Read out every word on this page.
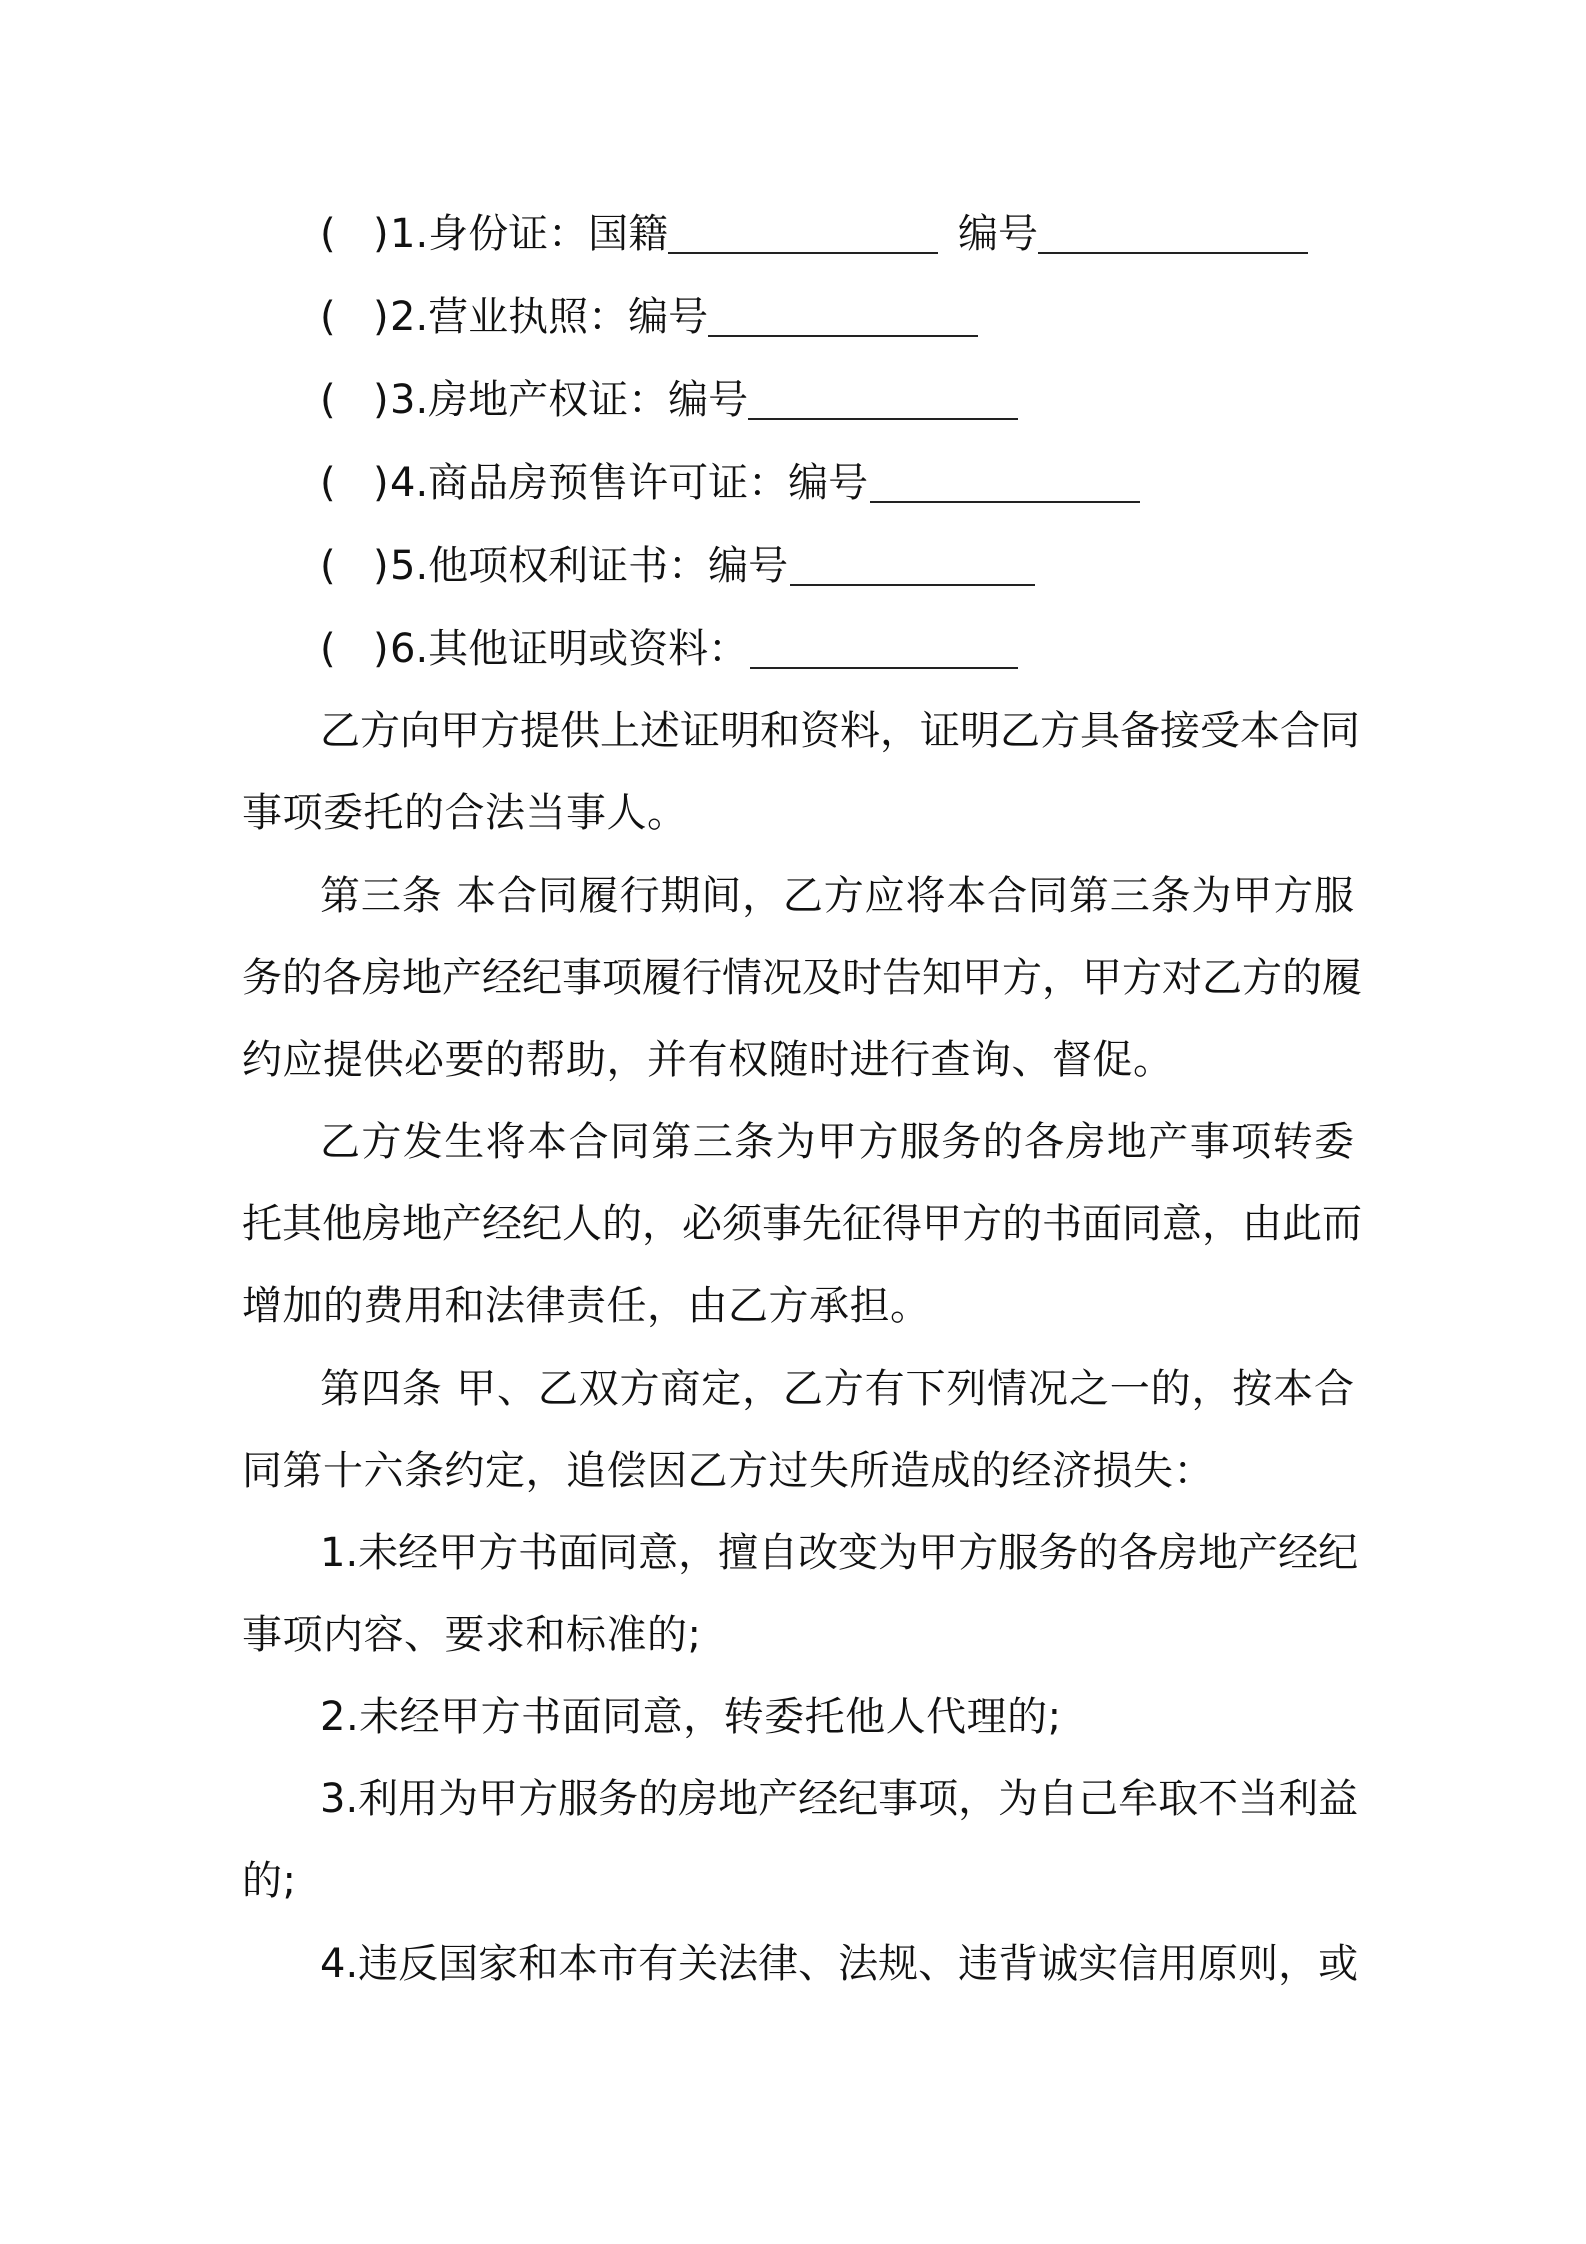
( ) 1.身份证：国籍	编号
( ) 2.营业执照：编号
( ) 3.房地产权证：编号
( ) 4.商品房预售许可证：编号
( ) 5.他项权利证书：编号
( ) 6.其他证明或资料：
乙方向甲方提供上述证明和资料，证明乙方具备接受本合同
事项委托的合法当事人。
第三条 本合同履行期间，乙方应将本合同第三条为甲方服
务的各房地产经纪事项履行情况及时告知甲方，甲方对乙方的履
约应提供必要的帮助，并有权随时进行查询、督促。
乙方发生将本合同第三条为甲方服务的各房地产事项转委
托其他房地产经纪人的，必须事先征得甲方的书面同意，由此而
增加的费用和法律责任，由乙方承担。
第四条 甲、乙双方商定，乙方有下列情况之一的，按本合
同第十六条约定，追偿因乙方过失所造成的经济损失：
1.未经甲方书面同意，擅自改变为甲方服务的各房地产经纪
事项内容、要求和标准的;
2.未经甲方书面同意，转委托他人代理的;
3.利用为甲方服务的房地产经纪事项，为自己牟取不当利益
的;
4.违反国家和本市有关法律、法规、违背诚实信用原则，或
